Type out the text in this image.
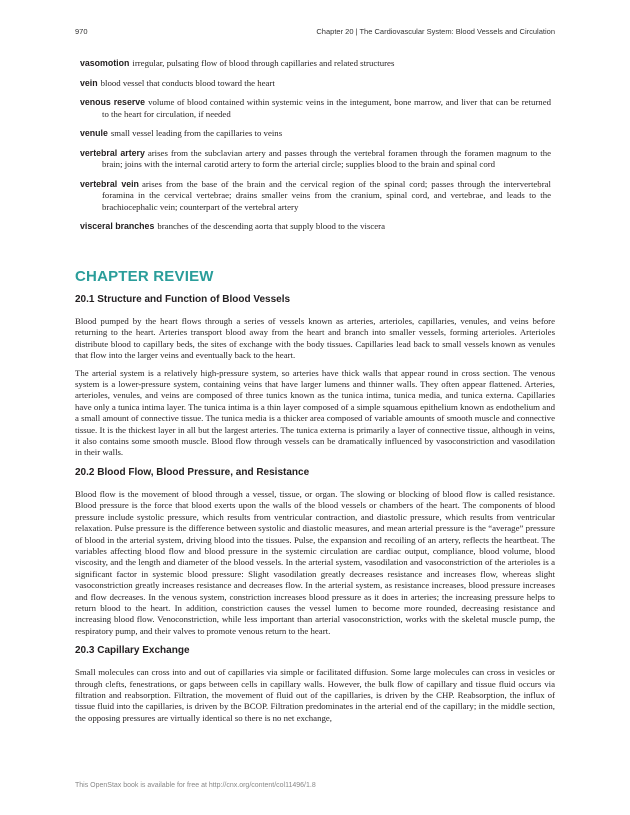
970	Chapter 20 | The Cardiovascular System: Blood Vessels and Circulation
vasomotion irregular, pulsating flow of blood through capillaries and related structures
vein blood vessel that conducts blood toward the heart
venous reserve volume of blood contained within systemic veins in the integument, bone marrow, and liver that can be returned to the heart for circulation, if needed
venule small vessel leading from the capillaries to veins
vertebral artery arises from the subclavian artery and passes through the vertebral foramen through the foramen magnum to the brain; joins with the internal carotid artery to form the arterial circle; supplies blood to the brain and spinal cord
vertebral vein arises from the base of the brain and the cervical region of the spinal cord; passes through the intervertebral foramina in the cervical vertebrae; drains smaller veins from the cranium, spinal cord, and vertebrae, and leads to the brachiocephalic vein; counterpart of the vertebral artery
visceral branches branches of the descending aorta that supply blood to the viscera
CHAPTER REVIEW
20.1 Structure and Function of Blood Vessels

Blood pumped by the heart flows through a series of vessels known as arteries, arterioles, capillaries, venules, and veins before returning to the heart. Arteries transport blood away from the heart and branch into smaller vessels, forming arterioles. Arterioles distribute blood to capillary beds, the sites of exchange with the body tissues. Capillaries lead back to small vessels known as venules that flow into the larger veins and eventually back to the heart.

The arterial system is a relatively high-pressure system, so arteries have thick walls that appear round in cross section. The venous system is a lower-pressure system, containing veins that have larger lumens and thinner walls. They often appear flattened. Arteries, arterioles, venules, and veins are composed of three tunics known as the tunica intima, tunica media, and tunica externa. Capillaries have only a tunica intima layer. The tunica intima is a thin layer composed of a simple squamous epithelium known as endothelium and a small amount of connective tissue. The tunica media is a thicker area composed of variable amounts of smooth muscle and connective tissue. It is the thickest layer in all but the largest arteries. The tunica externa is primarily a layer of connective tissue, although in veins, it also contains some smooth muscle. Blood flow through vessels can be dramatically influenced by vasoconstriction and vasodilation in their walls.

20.2 Blood Flow, Blood Pressure, and Resistance

Blood flow is the movement of blood through a vessel, tissue, or organ. The slowing or blocking of blood flow is called resistance. Blood pressure is the force that blood exerts upon the walls of the blood vessels or chambers of the heart. The components of blood pressure include systolic pressure, which results from ventricular contraction, and diastolic pressure, which results from ventricular relaxation. Pulse pressure is the difference between systolic and diastolic measures, and mean arterial pressure is the “average” pressure of blood in the arterial system, driving blood into the tissues. Pulse, the expansion and recoiling of an artery, reflects the heartbeat. The variables affecting blood flow and blood pressure in the systemic circulation are cardiac output, compliance, blood volume, blood viscosity, and the length and diameter of the blood vessels. In the arterial system, vasodilation and vasoconstriction of the arterioles is a significant factor in systemic blood pressure: Slight vasodilation greatly decreases resistance and increases flow, whereas slight vasoconstriction greatly increases resistance and decreases flow. In the arterial system, as resistance increases, blood pressure increases and flow decreases. In the venous system, constriction increases blood pressure as it does in arteries; the increasing pressure helps to return blood to the heart. In addition, constriction causes the vessel lumen to become more rounded, decreasing resistance and increasing blood flow. Venoconstriction, while less important than arterial vasoconstriction, works with the skeletal muscle pump, the respiratory pump, and their valves to promote venous return to the heart.

20.3 Capillary Exchange

Small molecules can cross into and out of capillaries via simple or facilitated diffusion. Some large molecules can cross in vesicles or through clefts, fenestrations, or gaps between cells in capillary walls. However, the bulk flow of capillary and tissue fluid occurs via filtration and reabsorption. Filtration, the movement of fluid out of the capillaries, is driven by the CHP. Reabsorption, the influx of tissue fluid into the capillaries, is driven by the BCOP. Filtration predominates in the arterial end of the capillary; in the middle section, the opposing pressures are virtually identical so there is no net exchange,

This OpenStax book is available for free at http://cnx.org/content/col11496/1.8
